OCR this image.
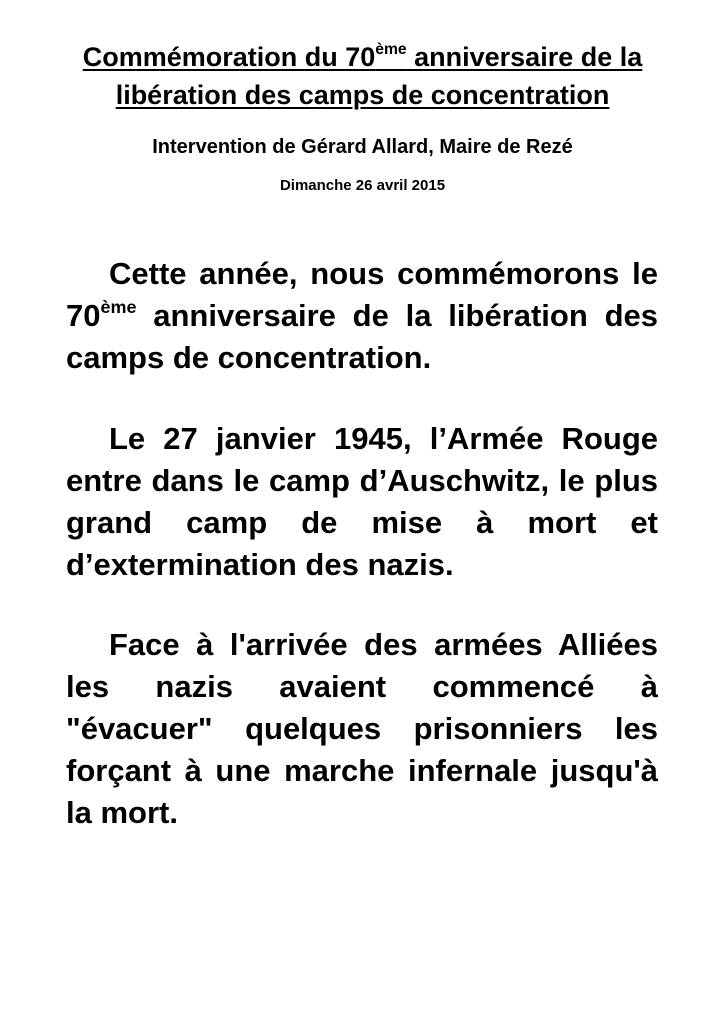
Commémoration du 70ème anniversaire de la libération des camps de concentration

Intervention de Gérard Allard, Maire de Rezé

Dimanche 26 avril 2015

Cette année, nous commémorons le 70ème anniversaire de la libération des camps de concentration.

Le 27 janvier 1945, l’Armée Rouge entre dans le camp d’Auschwitz, le plus grand camp de mise à mort et d’extermination des nazis.

Face à l'arrivée des armées Alliées les nazis avaient commencé à "évacuer" quelques prisonniers les forçant à une marche infernale jusqu'à la mort.
